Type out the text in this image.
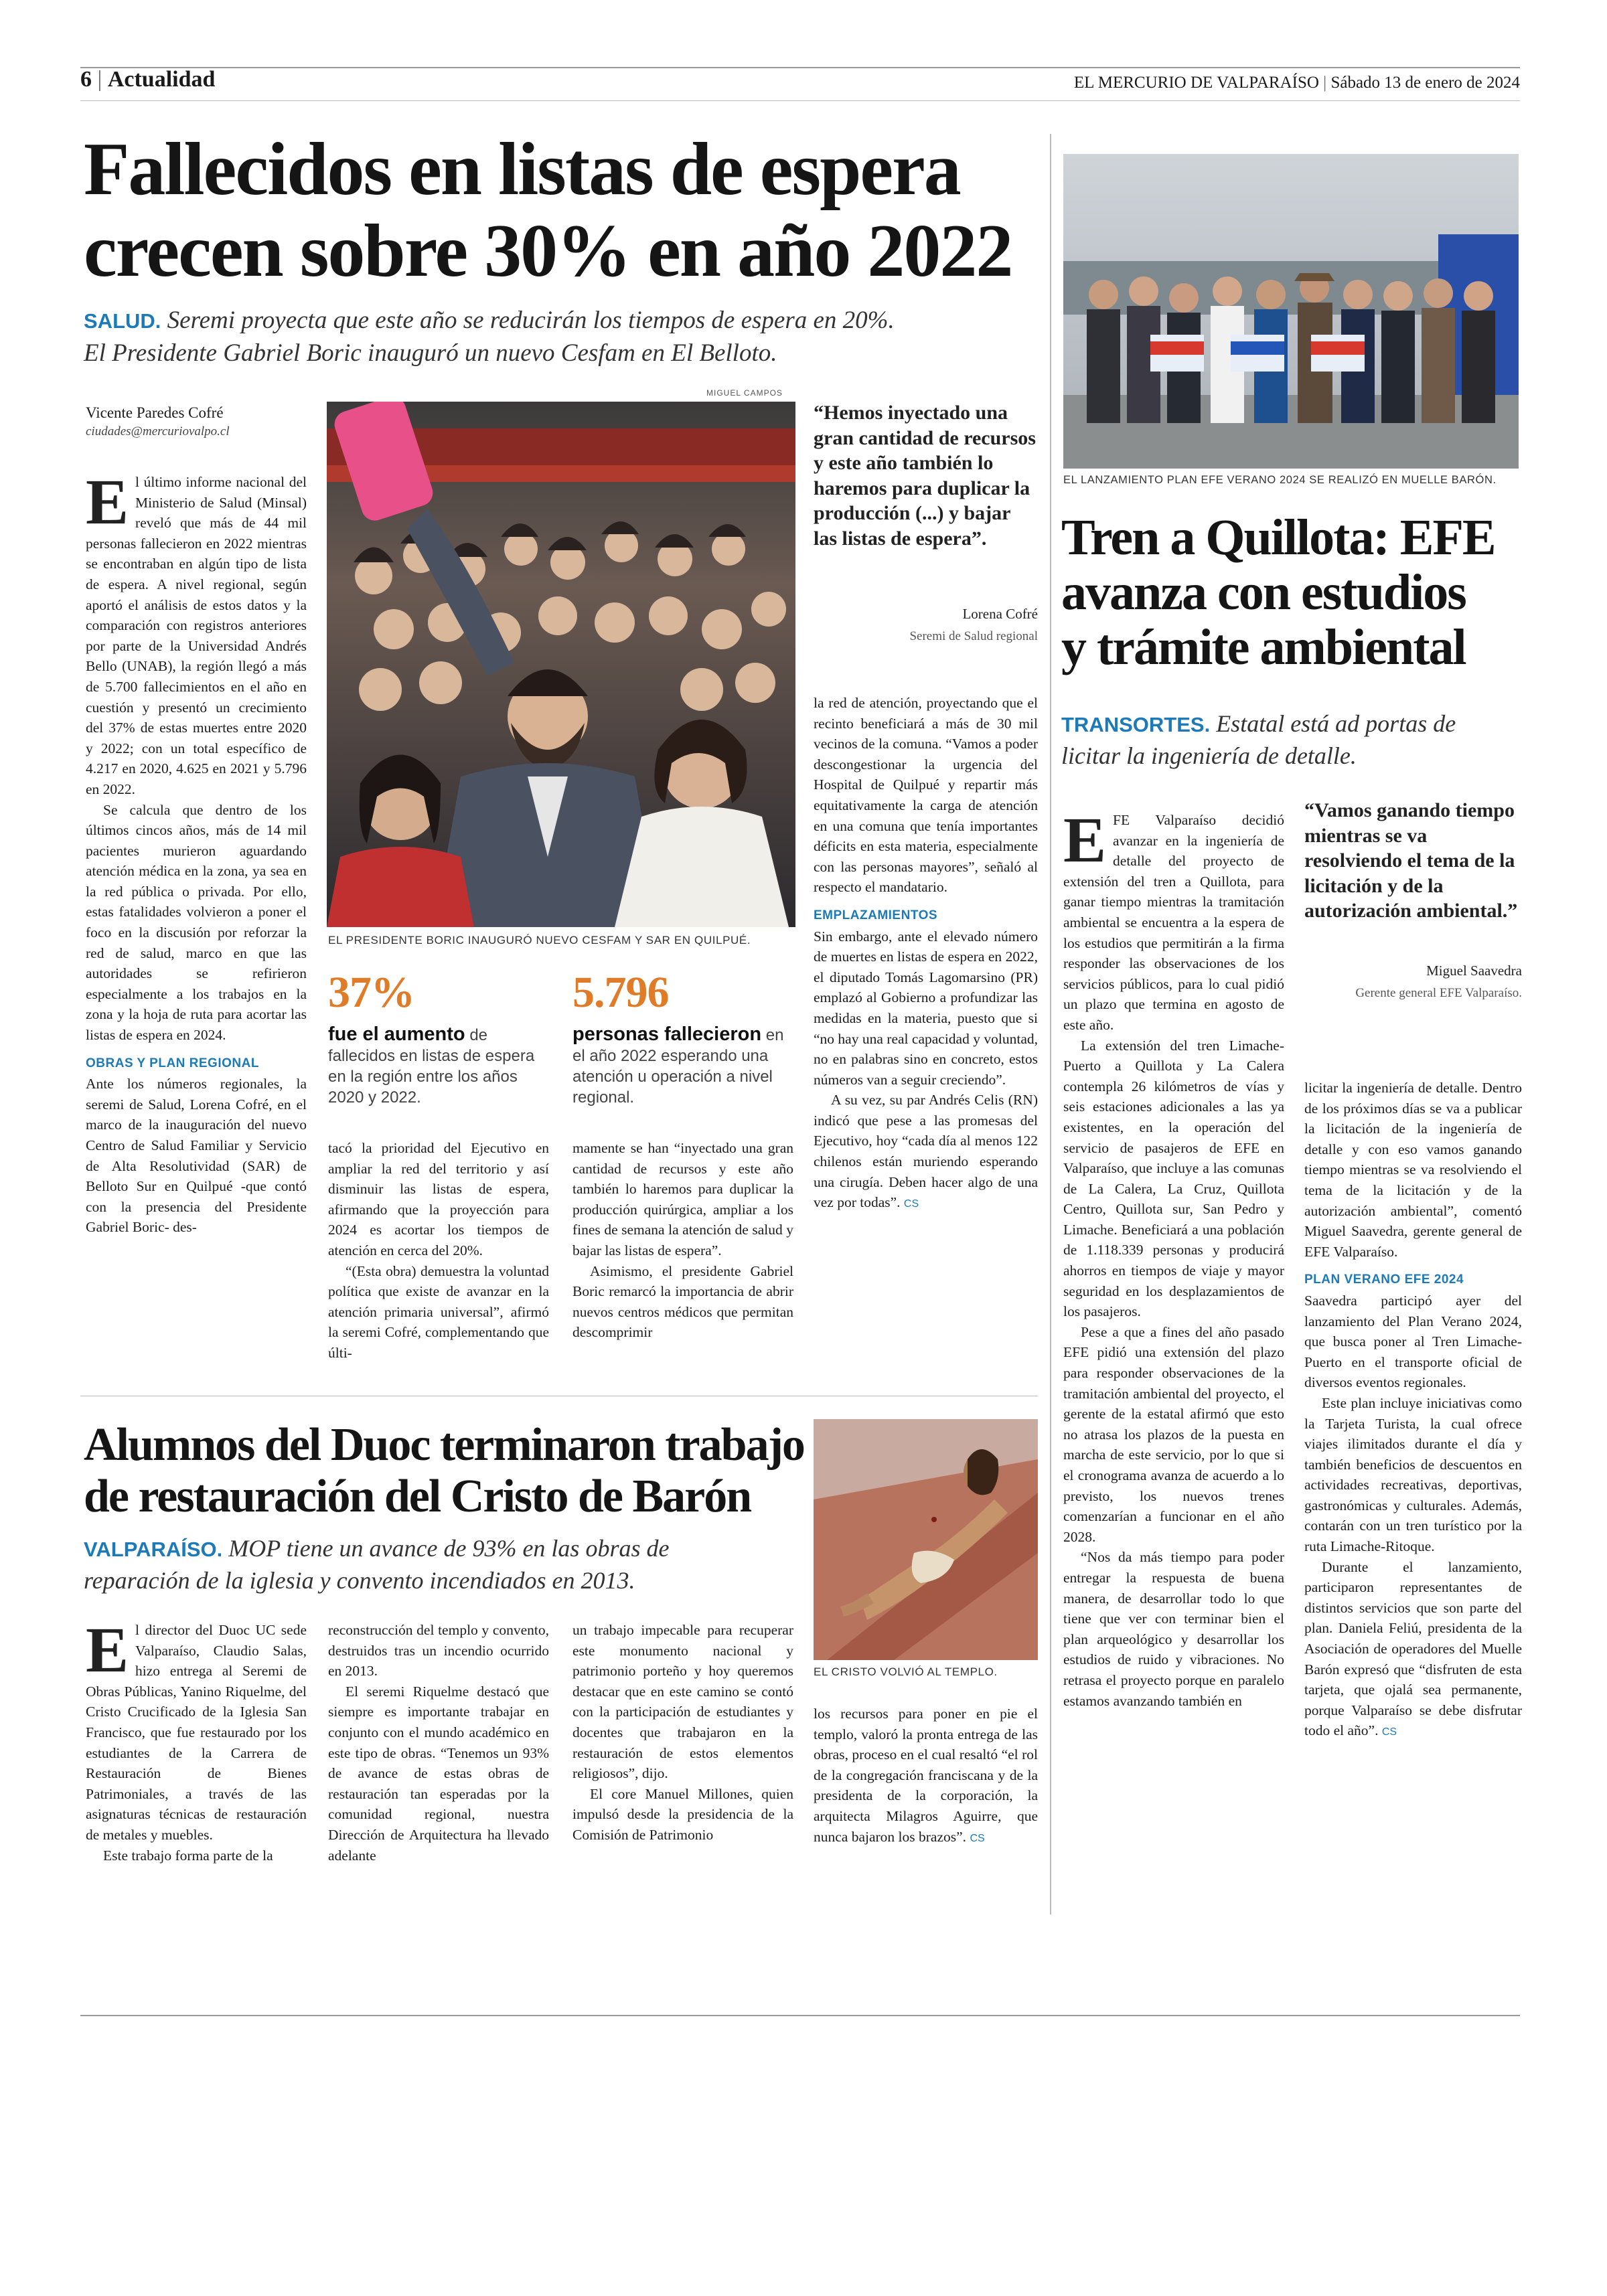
6 | Actualidad	EL MERCURIO DE VALPARAÍSO | Sábado 13 de enero de 2024
Fallecidos en listas de espera
crecen sobre 30% en año 2022
SALUD. Seremi proyecta que este año se reducirán los tiempos de espera en 20%.
El Presidente Gabriel Boric inauguró un nuevo Cesfam en El Belloto.
Vicente Paredes Cofré
ciudades@mercuriovalpo.cl
MIGUEL CAMPOS
EL PRESIDENTE BORIC INAUGURÓ NUEVO CESFAM Y SAR EN QUILPUÉ.
“Hemos inyectado una gran cantidad de recursos y este año también lo haremos para duplicar la producción (...) y bajar las listas de espera”.
Lorena Cofré
Seremi de Salud regional
37%
fue el aumento de fallecidos en listas de espera en la región entre los años 2020 y 2022.
5.796
personas fallecieron en el año 2022 esperando una atención u operación a nivel regional.

El último informe nacional del Ministerio de Salud (Minsal) reveló que más de 44 mil personas fallecieron en 2022 mientras se encontraban en algún tipo de lista de espera. A nivel regional, según aportó el análisis de estos datos y la comparación con registros anteriores por parte de la Universidad Andrés Bello (UNAB), la región llegó a más de 5.700 fallecimientos en el año en cuestión y presentó un crecimiento del 37% de estas muertes entre 2020 y 2022; con un total específico de 4.217 en 2020, 4.625 en 2021 y 5.796 en 2022.

Se calcula que dentro de los últimos cincos años, más de 14 mil pacientes murieron aguardando atención médica en la zona, ya sea en la red pública o privada. Por ello, estas fatalidades volvieron a poner el foco en la discusión por reforzar la red de salud, marco en que las autoridades se refirieron especialmente a los trabajos en la zona y la hoja de ruta para acortar las listas de espera en 2024.

OBRAS Y PLAN REGIONAL

Ante los números regionales, la seremi de Salud, Lorena Cofré, en el marco de la inauguración del nuevo Centro de Salud Familiar y Servicio de Alta Resolutividad (SAR) de Belloto Sur en Quilpué -que contó con la presencia del Presidente Gabriel Boric- des-

tacó la prioridad del Ejecutivo en ampliar la red del territorio y así disminuir las listas de espera, afirmando que la proyección para 2024 es acortar los tiempos de atención en cerca del 20%.

“(Esta obra) demuestra la voluntad política que existe de avanzar en la atención primaria universal”, afirmó la seremi Cofré, complementando que últi-

mamente se han “inyectado una gran cantidad de recursos y este año también lo haremos para duplicar la producción quirúrgica, ampliar a los fines de semana la atención de salud y bajar las listas de espera”.

Asimismo, el presidente Gabriel Boric remarcó la importancia de abrir nuevos centros médicos que permitan descomprimir

la red de atención, proyectando que el recinto beneficiará a más de 30 mil vecinos de la comuna. “Vamos a poder descongestionar la urgencia del Hospital de Quilpué y repartir más equitativamente la carga de atención en una comuna que tenía importantes déficits en esta materia, especialmente con las personas mayores”, señaló al respecto el mandatario.

EMPLAZAMIENTOS

Sin embargo, ante el elevado número de muertes en listas de espera en 2022, el diputado Tomás Lagomarsino (PR) emplazó al Gobierno a profundizar las medidas en la materia, puesto que si “no hay una real capacidad y voluntad, no en palabras sino en concreto, estos números van a seguir creciendo”.

A su vez, su par Andrés Celis (RN) indicó que pese a las promesas del Ejecutivo, hoy “cada día al menos 122 chilenos están muriendo esperando una cirugía. Deben hacer algo de una vez por todas”. CS

EL LANZAMIENTO PLAN EFE VERANO 2024 SE REALIZÓ EN MUELLE BARÓN.
Tren a Quillota: EFE
avanza con estudios
y trámite ambiental
TRANSORTES. Estatal está ad portas de
licitar la ingeniería de detalle.
“Vamos ganando tiempo mientras se va resolviendo el tema de la licitación y de la autorización ambiental.”
Miguel Saavedra
Gerente general EFE Valparaíso.

EFE Valparaíso decidió avanzar en la ingeniería de detalle del proyecto de extensión del tren a Quillota, para ganar tiempo mientras la tramitación ambiental se encuentra a la espera de los estudios que permitirán a la firma responder las observaciones de los servicios públicos, para lo cual pidió un plazo que termina en agosto de este año.

La extensión del tren Limache-Puerto a Quillota y La Calera contempla 26 kilómetros de vías y seis estaciones adicionales a las ya existentes, en la operación del servicio de pasajeros de EFE en Valparaíso, que incluye a las comunas de La Calera, La Cruz, Quillota Centro, Quillota sur, San Pedro y Limache. Beneficiará a una población de 1.118.339 personas y producirá ahorros en tiempos de viaje y mayor seguridad en los desplazamientos de los pasajeros.

Pese a que a fines del año pasado EFE pidió una extensión del plazo para responder observaciones de la tramitación ambiental del proyecto, el gerente de la estatal afirmó que esto no atrasa los plazos de la puesta en marcha de este servicio, por lo que si el cronograma avanza de acuerdo a lo previsto, los nuevos trenes comenzarían a funcionar en el año 2028.

“Nos da más tiempo para poder entregar la respuesta de buena manera, de desarrollar todo lo que tiene que ver con terminar bien el plan arqueológico y desarrollar los estudios de ruido y vibraciones. No retrasa el proyecto porque en paralelo estamos avanzando también en

licitar la ingeniería de detalle. Dentro de los próximos días se va a publicar la licitación de la ingeniería de detalle y con eso vamos ganando tiempo mientras se va resolviendo el tema de la licitación y de la autorización ambiental”, comentó Miguel Saavedra, gerente general de EFE Valparaíso.

PLAN VERANO EFE 2024

Saavedra participó ayer del lanzamiento del Plan Verano 2024, que busca poner al Tren Limache-Puerto en el transporte oficial de diversos eventos regionales.

Este plan incluye iniciativas como la Tarjeta Turista, la cual ofrece viajes ilimitados durante el día y también beneficios de descuentos en actividades recreativas, deportivas, gastronómicas y culturales. Además, contarán con un tren turístico por la ruta Limache-Ritoque.

Durante el lanzamiento, participaron representantes de distintos servicios que son parte del plan. Daniela Feliú, presidenta de la Asociación de operadores del Muelle Barón expresó que “disfruten de esta tarjeta, que ojalá sea permanente, porque Valparaíso se debe disfrutar todo el año”. CS

Alumnos del Duoc terminaron trabajo
de restauración del Cristo de Barón
VALPARAÍSO. MOP tiene un avance de 93% en las obras de
reparación de la iglesia y convento incendiados en 2013.
EL CRISTO VOLVIÓ AL TEMPLO.

El director del Duoc UC sede Valparaíso, Claudio Salas, hizo entrega al Seremi de Obras Públicas, Yanino Riquelme, del Cristo Crucificado de la Iglesia San Francisco, que fue restaurado por los estudiantes de la Carrera de Restauración de Bienes Patrimoniales, a través de las asignaturas técnicas de restauración de metales y muebles.

Este trabajo forma parte de la

reconstrucción del templo y convento, destruidos tras un incendio ocurrido en 2013.

El seremi Riquelme destacó que siempre es importante trabajar en conjunto con el mundo académico en este tipo de obras. “Tenemos un 93% de avance de estas obras de restauración tan esperadas por la comunidad regional, nuestra Dirección de Arquitectura ha llevado adelante

un trabajo impecable para recuperar este monumento nacional y patrimonio porteño y hoy queremos destacar que en este camino se contó con la participación de estudiantes y docentes que trabajaron en la restauración de estos elementos religiosos”, dijo.

El core Manuel Millones, quien impulsó desde la presidencia de la Comisión de Patrimonio

los recursos para poner en pie el templo, valoró la pronta entrega de las obras, proceso en el cual resaltó “el rol de la congregación franciscana y de la presidenta de la corporación, la arquitecta Milagros Aguirre, que nunca bajaron los brazos”. CS
